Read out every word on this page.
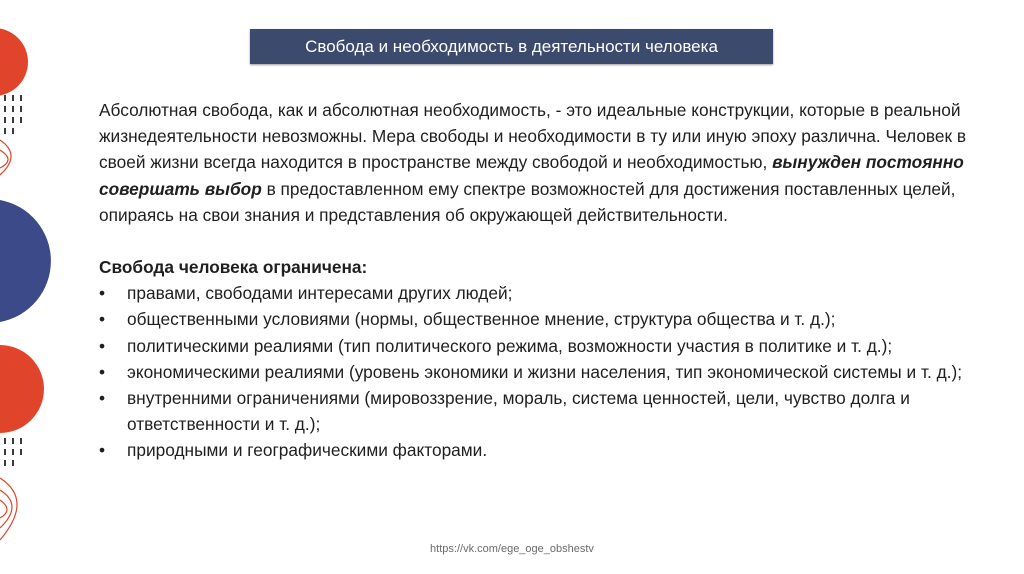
Свобода и необходимость в деятельности человека

Абсолютная свобода, как и абсолютная необходимость, - это идеальные конструкции, которые в реальной жизнедеятельности невозможны. Мера свободы и необходимости в ту или иную эпоху различна. Человек в своей жизни всегда находится в пространстве между свободой и необходимостью, вынужден постоянно совершать выбор в предоставленном ему спектре возможностей для достижения поставленных целей, опираясь на свои знания и представления об окружающей действительности.

Свобода человека ограничена:

• правами, свободами интересами других людей;
• общественными условиями (нормы, общественное мнение, структура общества и т. д.);
• политическими реалиями (тип политического режима, возможности участия в политике и т. д.);
• экономическими реалиями (уровень экономики и жизни населения, тип экономической системы и т. д.);
• внутренними ограничениями (мировоззрение, мораль, система ценностей, цели, чувство долга и ответственности и т. д.);
• природными и географическими факторами.
https://vk.com/ege_oge_obshestv
